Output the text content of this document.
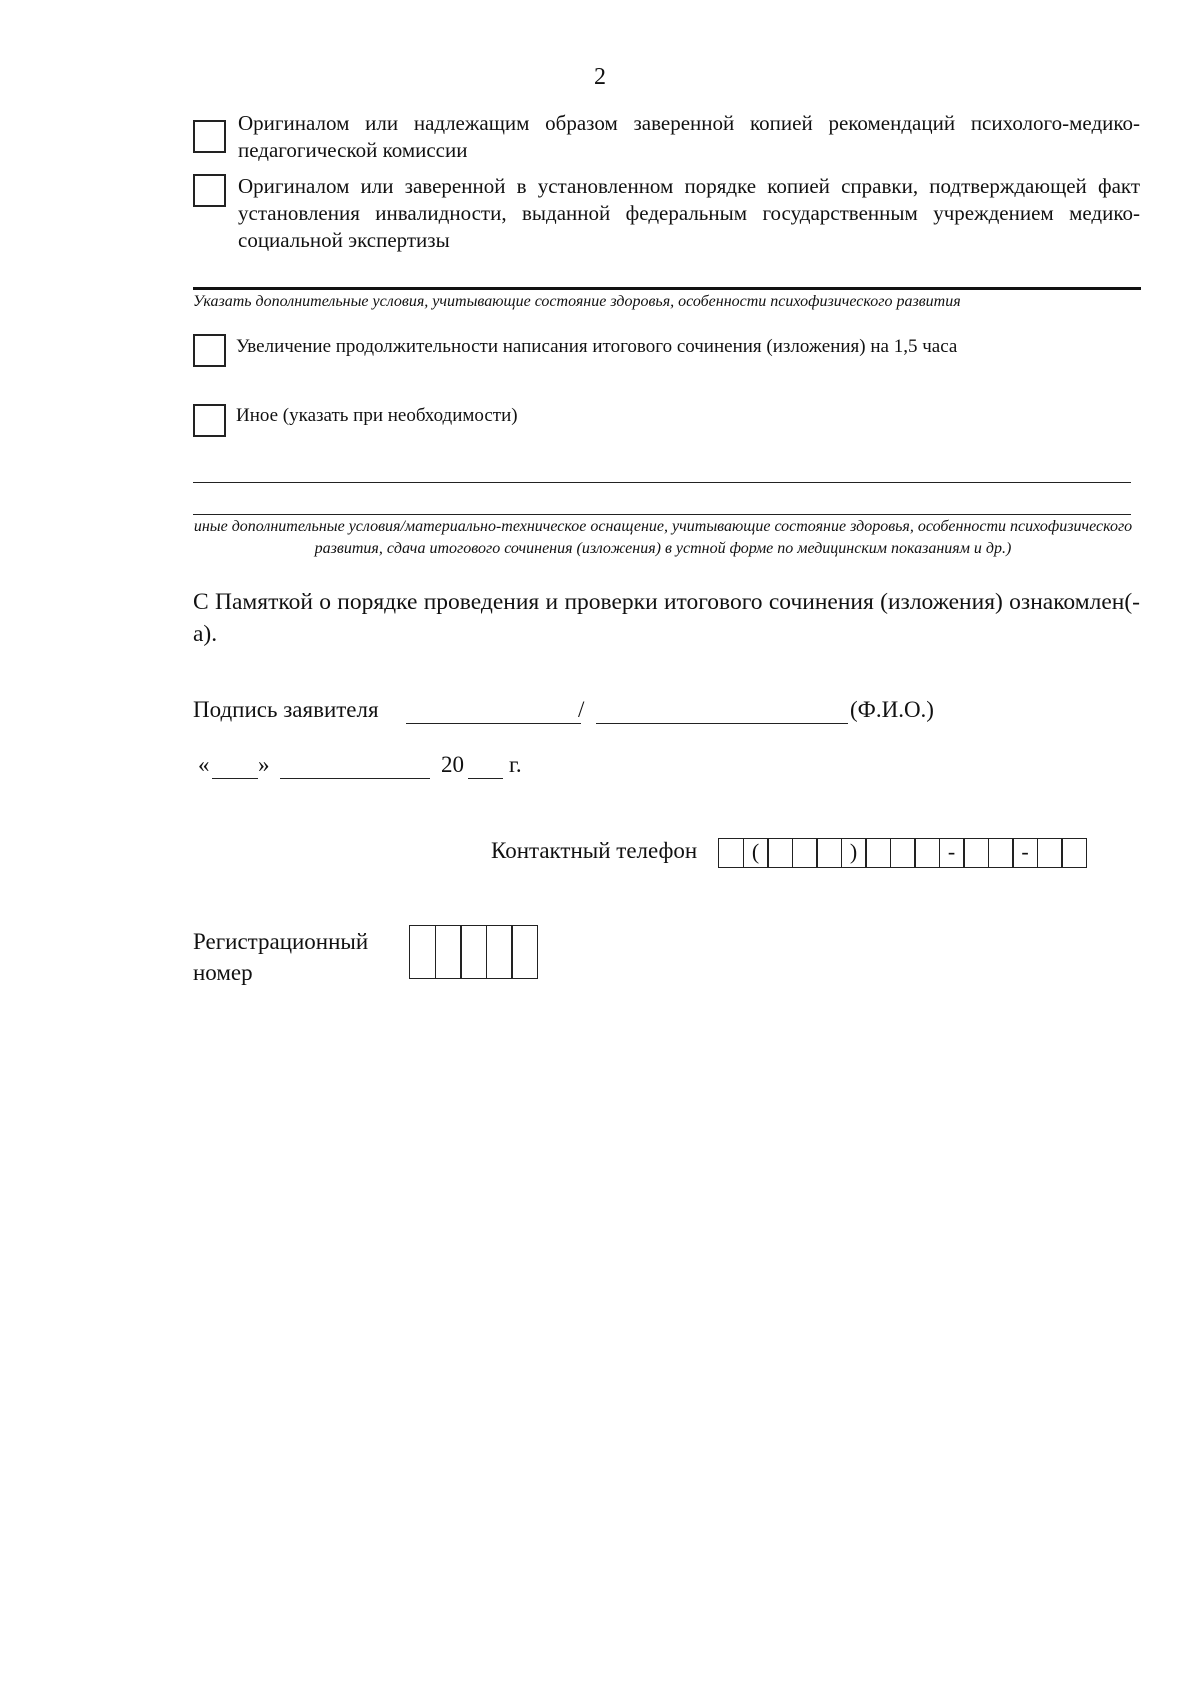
2
Оригиналом или надлежащим образом заверенной копией рекомендаций психолого-медико-педагогической комиссии
Оригиналом или заверенной в установленном порядке копией справки, подтверждающей факт установления инвалидности, выданной федеральным государственным учреждением медико-социальной экспертизы
Указать дополнительные условия, учитывающие состояние здоровья, особенности психофизического развития
Увеличение продолжительности написания итогового сочинения (изложения) на 1,5 часа
Иное (указать при необходимости)
иные дополнительные условия/материально-техническое оснащение, учитывающие состояние здоровья, особенности психофизического развития, сдача итогового сочинения (изложения) в устной форме по медицинским показаниям и др.)
С Памяткой о порядке проведения и проверки итогового сочинения (изложения) ознакомлен(-а).
Подпись заявителя	/	(Ф.И.О.)
« »	20 г.
Контактный телефон	(	)	-	-
Регистрационный номер
